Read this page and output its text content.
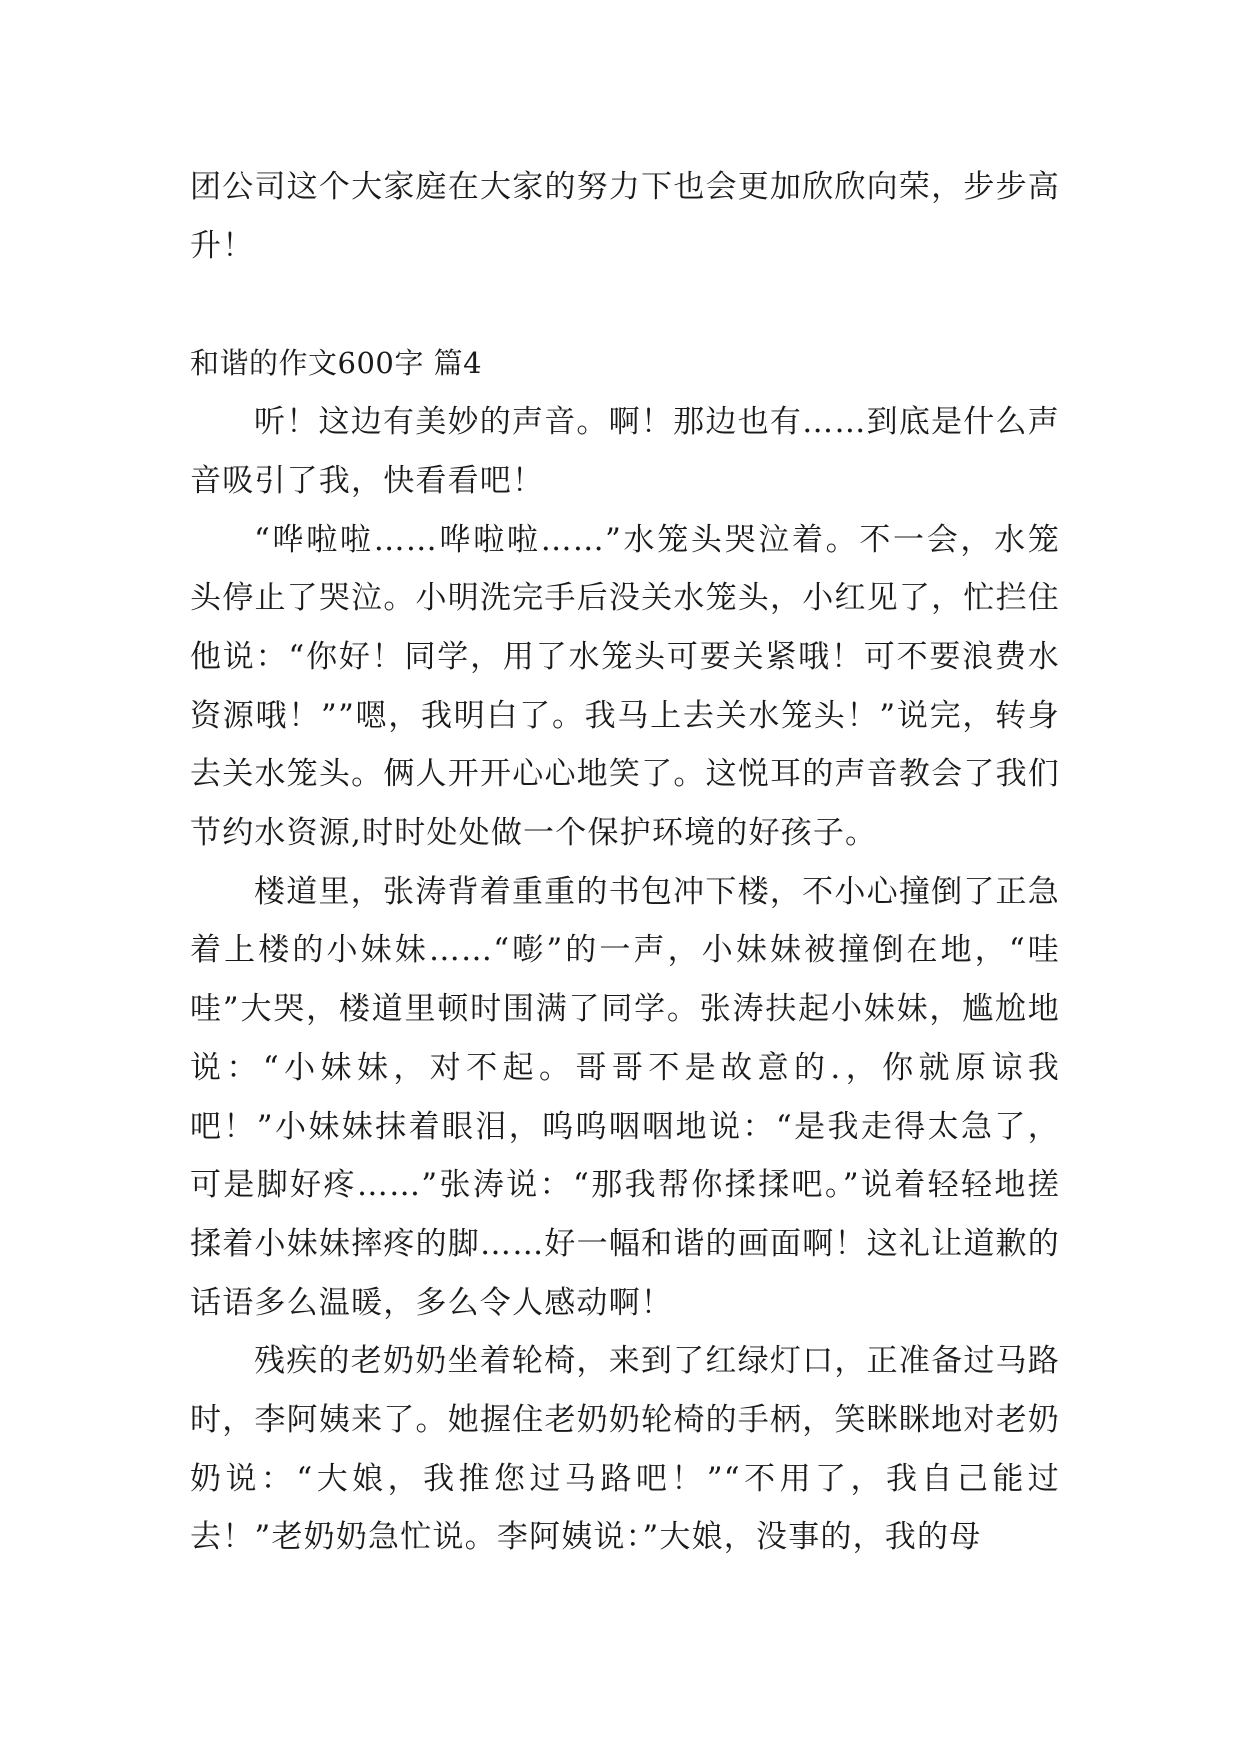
团公司这个大家庭在大家的努力下也会更加欣欣向荣，步步高升！

和谐的作文600字 篇4

听！这边有美妙的声音。啊！那边也有……到底是什么声音吸引了我，快看看吧！

“哗啦啦……哗啦啦……”水笼头哭泣着。不一会，水笼头停止了哭泣。小明洗完手后没关水笼头，小红见了，忙拦住他说：“你好！同学，用了水笼头可要关紧哦！可不要浪费水资源哦！””嗯，我明白了。我马上去关水笼头！”说完，转身去关水笼头。俩人开开心心地笑了。这悦耳的声音教会了我们节约水资源,时时处处做一个保护环境的好孩子。

楼道里，张涛背着重重的书包冲下楼，不小心撞倒了正急着上楼的小妹妹……“嘭”的一声，小妹妹被撞倒在地，“哇哇”大哭，楼道里顿时围满了同学。张涛扶起小妹妹，尴尬地说：“小妹妹，对不起。哥哥不是故意的.，你就原谅我吧！”小妹妹抹着眼泪，呜呜咽咽地说：“是我走得太急了，可是脚好疼……”张涛说：“那我帮你揉揉吧。”说着轻轻地搓揉着小妹妹摔疼的脚……好一幅和谐的画面啊！这礼让道歉的话语多么温暖，多么令人感动啊！

残疾的老奶奶坐着轮椅，来到了红绿灯口，正准备过马路时，李阿姨来了。她握住老奶奶轮椅的手柄，笑眯眯地对老奶奶说：“大娘，我推您过马路吧！”“不用了，我自己能过去！”老奶奶急忙说。李阿姨说：”大娘，没事的，我的母
